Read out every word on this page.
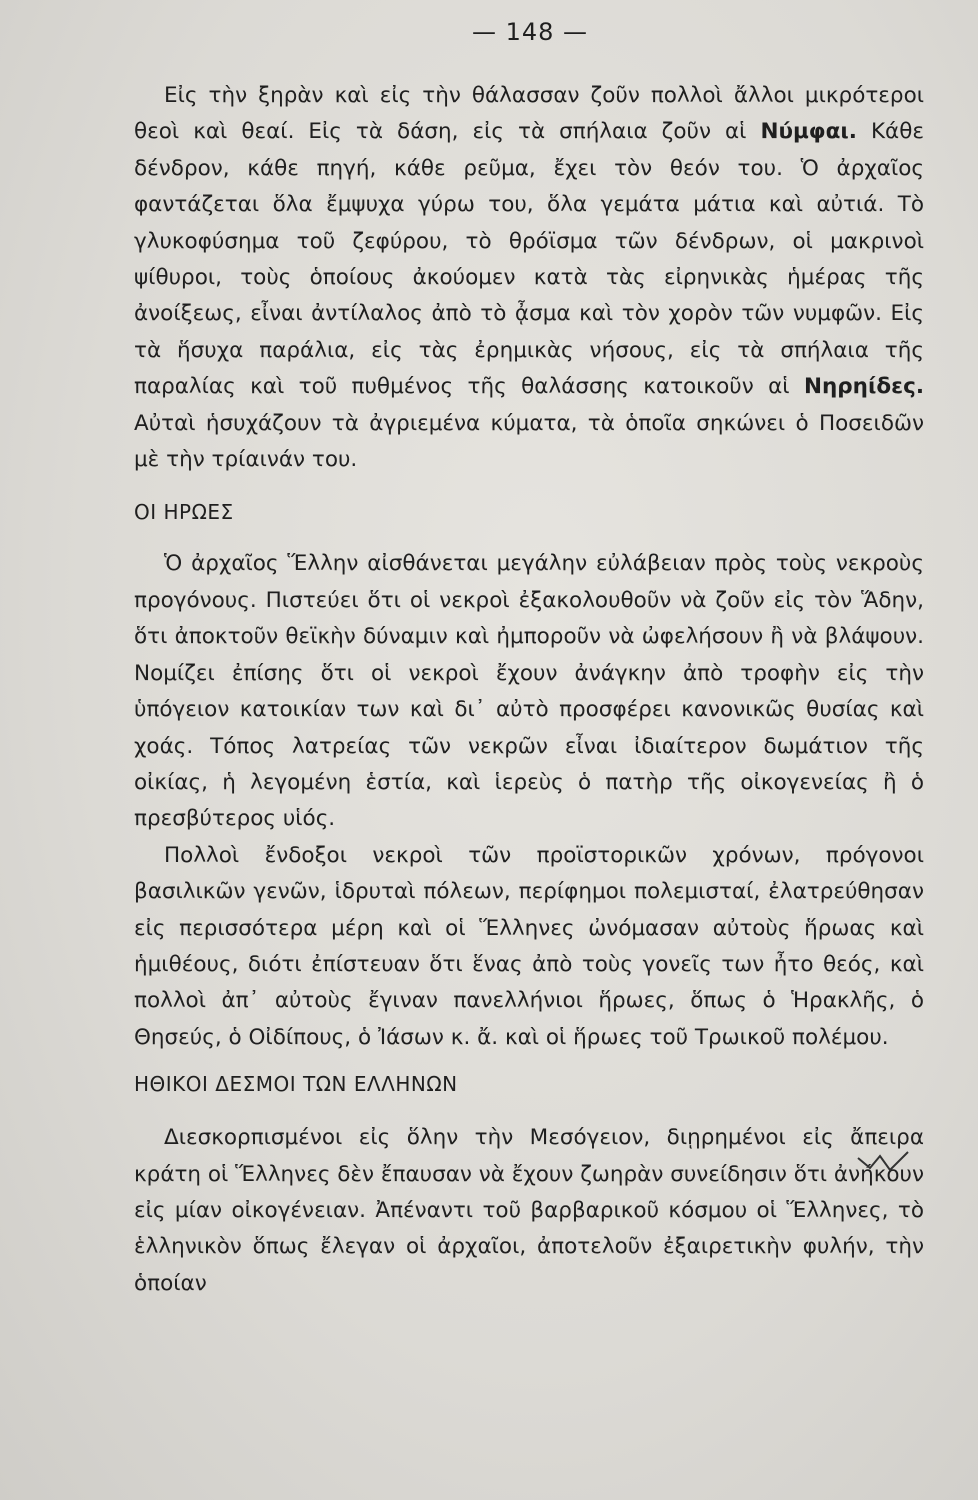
— 148 —

Εἰς τὴν ξηρὰν καὶ εἰς τὴν θάλασσαν ζοῦν πολλοὶ ἄλλοι μικρότεροι θεοὶ καὶ θεαί. Εἰς τὰ δάση, εἰς τὰ σπήλαια ζοῦν αἱ Νύμφαι. Κάθε δένδρον, κάθε πηγή, κάθε ρεῦμα, ἔχει τὸν θεόν του. Ὁ ἀρχαῖος φαντάζεται ὅλα ἔμψυχα γύρω του, ὅλα γεμάτα μάτια καὶ αὐτιά. Τὸ γλυκοφύσημα τοῦ ζεφύρου, τὸ θρόϊσμα τῶν δένδρων, οἱ μακρινοὶ ψίθυροι, τοὺς ὁποίους ἀκούομεν κατὰ τὰς εἰρηνικὰς ἡμέρας τῆς ἀνοίξεως, εἶναι ἀντίλαλος ἀπὸ τὸ ᾆσμα καὶ τὸν χορὸν τῶν νυμφῶν. Εἰς τὰ ἥσυχα παράλια, εἰς τὰς ἐρημικὰς νήσους, εἰς τὰ σπήλαια τῆς παραλίας καὶ τοῦ πυθμένος τῆς θαλάσσης κατοικοῦν αἱ Νηρηίδες. Αὐταὶ ἡσυχάζουν τὰ ἀγριεμένα κύματα, τὰ ὁποῖα σηκώνει ὁ Ποσειδῶν μὲ τὴν τρίαινάν του.

ΟΙ ΗΡΩΕΣ

Ὁ ἀρχαῖος Ἕλλην αἰσθάνεται μεγάλην εὐλάβειαν πρὸς τοὺς νεκροὺς προγόνους. Πιστεύει ὅτι οἱ νεκροὶ ἐξακολουθοῦν νὰ ζοῦν εἰς τὸν Ἅδην, ὅτι ἀποκτοῦν θεϊκὴν δύναμιν καὶ ἠμποροῦν νὰ ὠφελήσουν ἢ νὰ βλάψουν. Νομίζει ἐπίσης ὅτι οἱ νεκροὶ ἔχουν ἀνάγκην ἀπὸ τροφὴν εἰς τὴν ὑπόγειον κατοικίαν των καὶ δι᾽ αὐτὸ προσφέρει κανονικῶς θυσίας καὶ χοάς. Τόπος λατρείας τῶν νεκρῶν εἶναι ἰδιαίτερον δωμάτιον τῆς οἰκίας, ἡ λεγομένη ἑστία, καὶ ἱερεὺς ὁ πατὴρ τῆς οἰκογενείας ἢ ὁ πρεσβύτερος υἱός.

Πολλοὶ ἔνδοξοι νεκροὶ τῶν προϊστορικῶν χρόνων, πρόγονοι βασιλικῶν γενῶν, ἱδρυταὶ πόλεων, περίφημοι πολεμισταί, ἐλατρεύθησαν εἰς περισσότερα μέρη καὶ οἱ Ἕλληνες ὠνόμασαν αὐτοὺς ἥρωας καὶ ἡμιθέους, διότι ἐπίστευαν ὅτι ἕνας ἀπὸ τοὺς γονεῖς των ἦτο θεός, καὶ πολλοὶ ἀπ᾽ αὐτοὺς ἔγιναν πανελλήνιοι ἥρωες, ὅπως ὁ Ἡρακλῆς, ὁ Θησεύς, ὁ Οἰδίπους, ὁ Ἰάσων κ. ἄ. καὶ οἱ ἥρωες τοῦ Τρωικοῦ πολέμου.

ΗΘΙΚΟΙ ΔΕΣΜΟΙ ΤΩΝ ΕΛΛΗΝΩΝ

Διεσκορπισμένοι εἰς ὅλην τὴν Μεσόγειον, διῃρημένοι εἰς ἄπειρα κράτη οἱ Ἕλληνες δὲν ἔπαυσαν νὰ ἔχουν ζωηρὰν συνείδησιν ὅτι ἀνήκουν εἰς μίαν οἰκογένειαν. Ἀπέναντι τοῦ βαρβαρικοῦ κόσμου οἱ Ἕλληνες, τὸ ἑλληνικὸν ὅπως ἔλεγαν οἱ ἀρχαῖοι, ἀποτελοῦν ἐξαιρετικὴν φυλήν, τὴν ὁποίαν
